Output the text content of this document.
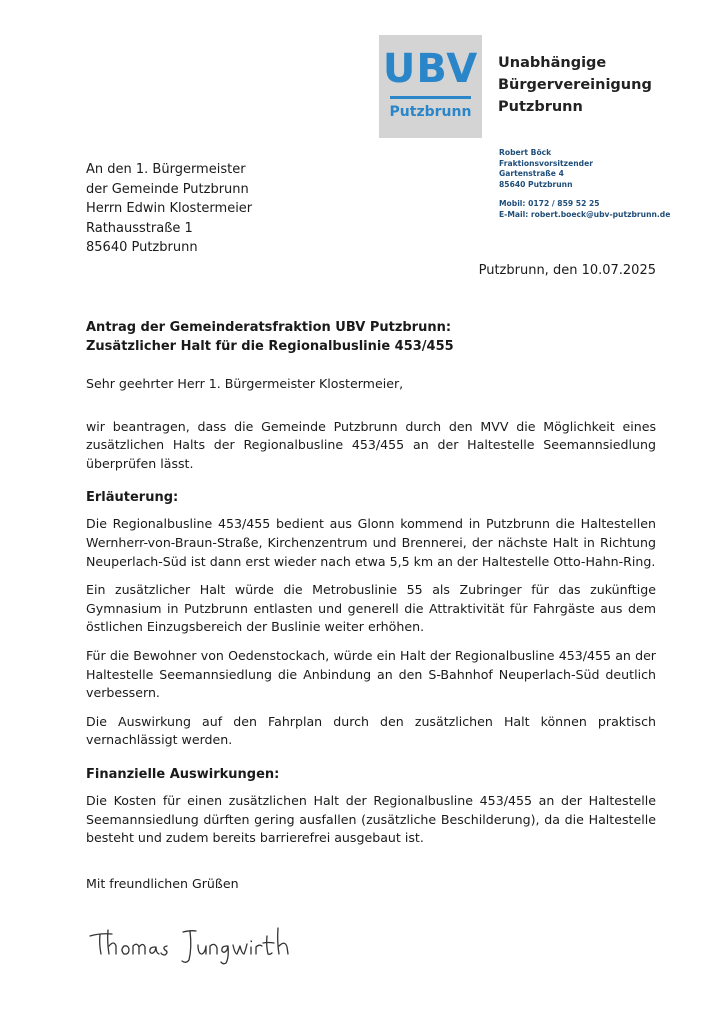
UBV
Putzbrunn
Unabhängige
Bürgervereinigung
Putzbrunn
Robert Böck
Fraktionsvorsitzender
Gartenstraße 4
85640 Putzbrunn
Mobil: 0172 / 859 52 25
E-Mail: robert.boeck@ubv-putzbrunn.de
An den 1. Bürgermeister
der Gemeinde Putzbrunn
Herrn Edwin Klostermeier
Rathausstraße 1
85640 Putzbrunn
Putzbrunn, den 10.07.2025
Antrag der Gemeinderatsfraktion UBV Putzbrunn:
Zusätzlicher Halt für die Regionalbuslinie 453/455
Sehr geehrter Herr 1. Bürgermeister Klostermeier,

wir beantragen, dass die Gemeinde Putzbrunn durch den MVV die Möglichkeit eines zusätzlichen Halts der Regionalbusline 453/455 an der Haltestelle Seemannsiedlung überprüfen lässt.

Erläuterung:

Die Regionalbusline 453/455 bedient aus Glonn kommend in Putzbrunn die Haltestellen Wernherr-von-Braun-Straße, Kirchenzentrum und Brennerei, der nächste Halt in Richtung Neuperlach-Süd ist dann erst wieder nach etwa 5,5 km an der Haltestelle Otto-Hahn-Ring.

Ein zusätzlicher Halt würde die Metrobuslinie 55 als Zubringer für das zukünftige Gymnasium in Putzbrunn entlasten und generell die Attraktivität für Fahrgäste aus dem östlichen Einzugsbereich der Buslinie weiter erhöhen.

Für die Bewohner von Oedenstockach, würde ein Halt der Regionalbusline 453/455 an der Haltestelle Seemannsiedlung die Anbindung an den S-Bahnhof Neuperlach-Süd deutlich verbessern.

Die Auswirkung auf den Fahrplan durch den zusätzlichen Halt können praktisch vernachlässigt werden.

Finanzielle Auswirkungen:

Die Kosten für einen zusätzlichen Halt der Regionalbusline 453/455 an der Haltestelle Seemannsiedlung dürften gering ausfallen (zusätzliche Beschilderung), da die Haltestelle besteht und zudem bereits barrierefrei ausgebaut ist.

Mit freundlichen Grüßen
